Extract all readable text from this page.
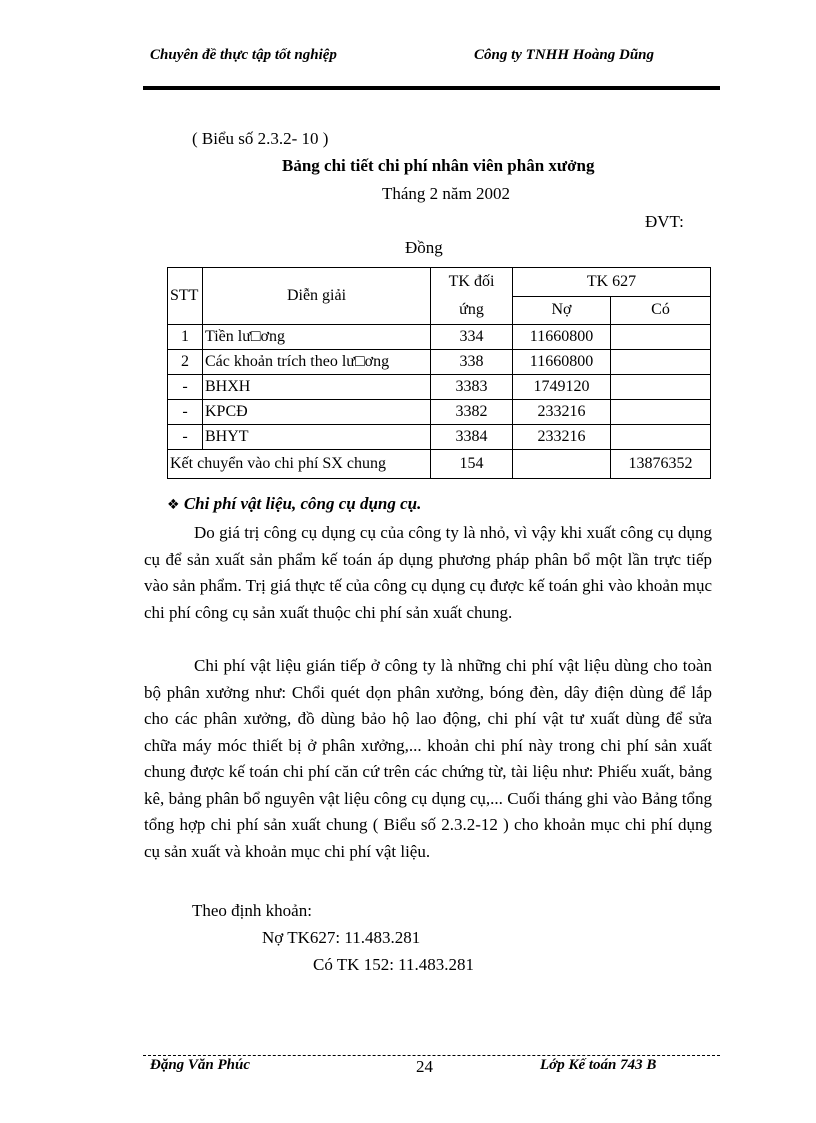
Chuyên đề thực tập tốt nghiệp	Công ty TNHH Hoàng Dũng
( Biểu số 2.3.2- 10 )
Bảng chi tiết chi phí nhân viên phân xưởng
Tháng 2 năm 2002
ĐVT:
Đồng
STT	Diễn giải	TK đối
ứng	TK 627	
			Nợ	Có
1	Tiền lư□ơng	334	11660800	
2	Các khoản trích theo lư□ơng	338	11660800	
-	BHXH	3383	1749120	
-	KPCĐ	3382	233216	
-	BHYT	3384	233216	
Kết chuyển vào chi phí SX chung		154		13876352
❖ Chi phí vật liệu, công cụ dụng cụ.

Do giá trị công cụ dụng cụ của công ty là nhỏ, vì vậy khi xuất công cụ dụng cụ để sản xuất sản phẩm kế toán áp dụng phương pháp phân bổ một lần trực tiếp vào sản phẩm. Trị giá thực tế của công cụ dụng cụ được kế toán ghi vào khoản mục chi phí công cụ sản xuất thuộc chi phí sản xuất chung.

Chi phí vật liệu gián tiếp ở công ty là những chi phí vật liệu dùng cho toàn bộ phân xưởng như: Chổi quét dọn phân xưởng, bóng đèn, dây điện dùng để lắp cho các phân xưởng, đồ dùng bảo hộ lao động, chi phí vật tư xuất dùng để sửa chữa máy móc thiết bị ở phân xưởng,... khoản chi phí này trong chi phí sản xuất chung được kế toán chi phí căn cứ trên các chứng từ, tài liệu như: Phiếu xuất, bảng kê, bảng phân bổ nguyên vật liệu công cụ dụng cụ,... Cuối tháng ghi vào Bảng tổng tổng hợp chi phí sản xuất chung ( Biểu số 2.3.2-12 ) cho khoản mục chi phí dụng cụ sản xuất và khoản mục chi phí vật liệu.

Theo định khoản:
Nợ TK627: 11.483.281
Có TK 152: 11.483.281
Đặng Văn Phúc	24	Lớp Kế toán 743 B
